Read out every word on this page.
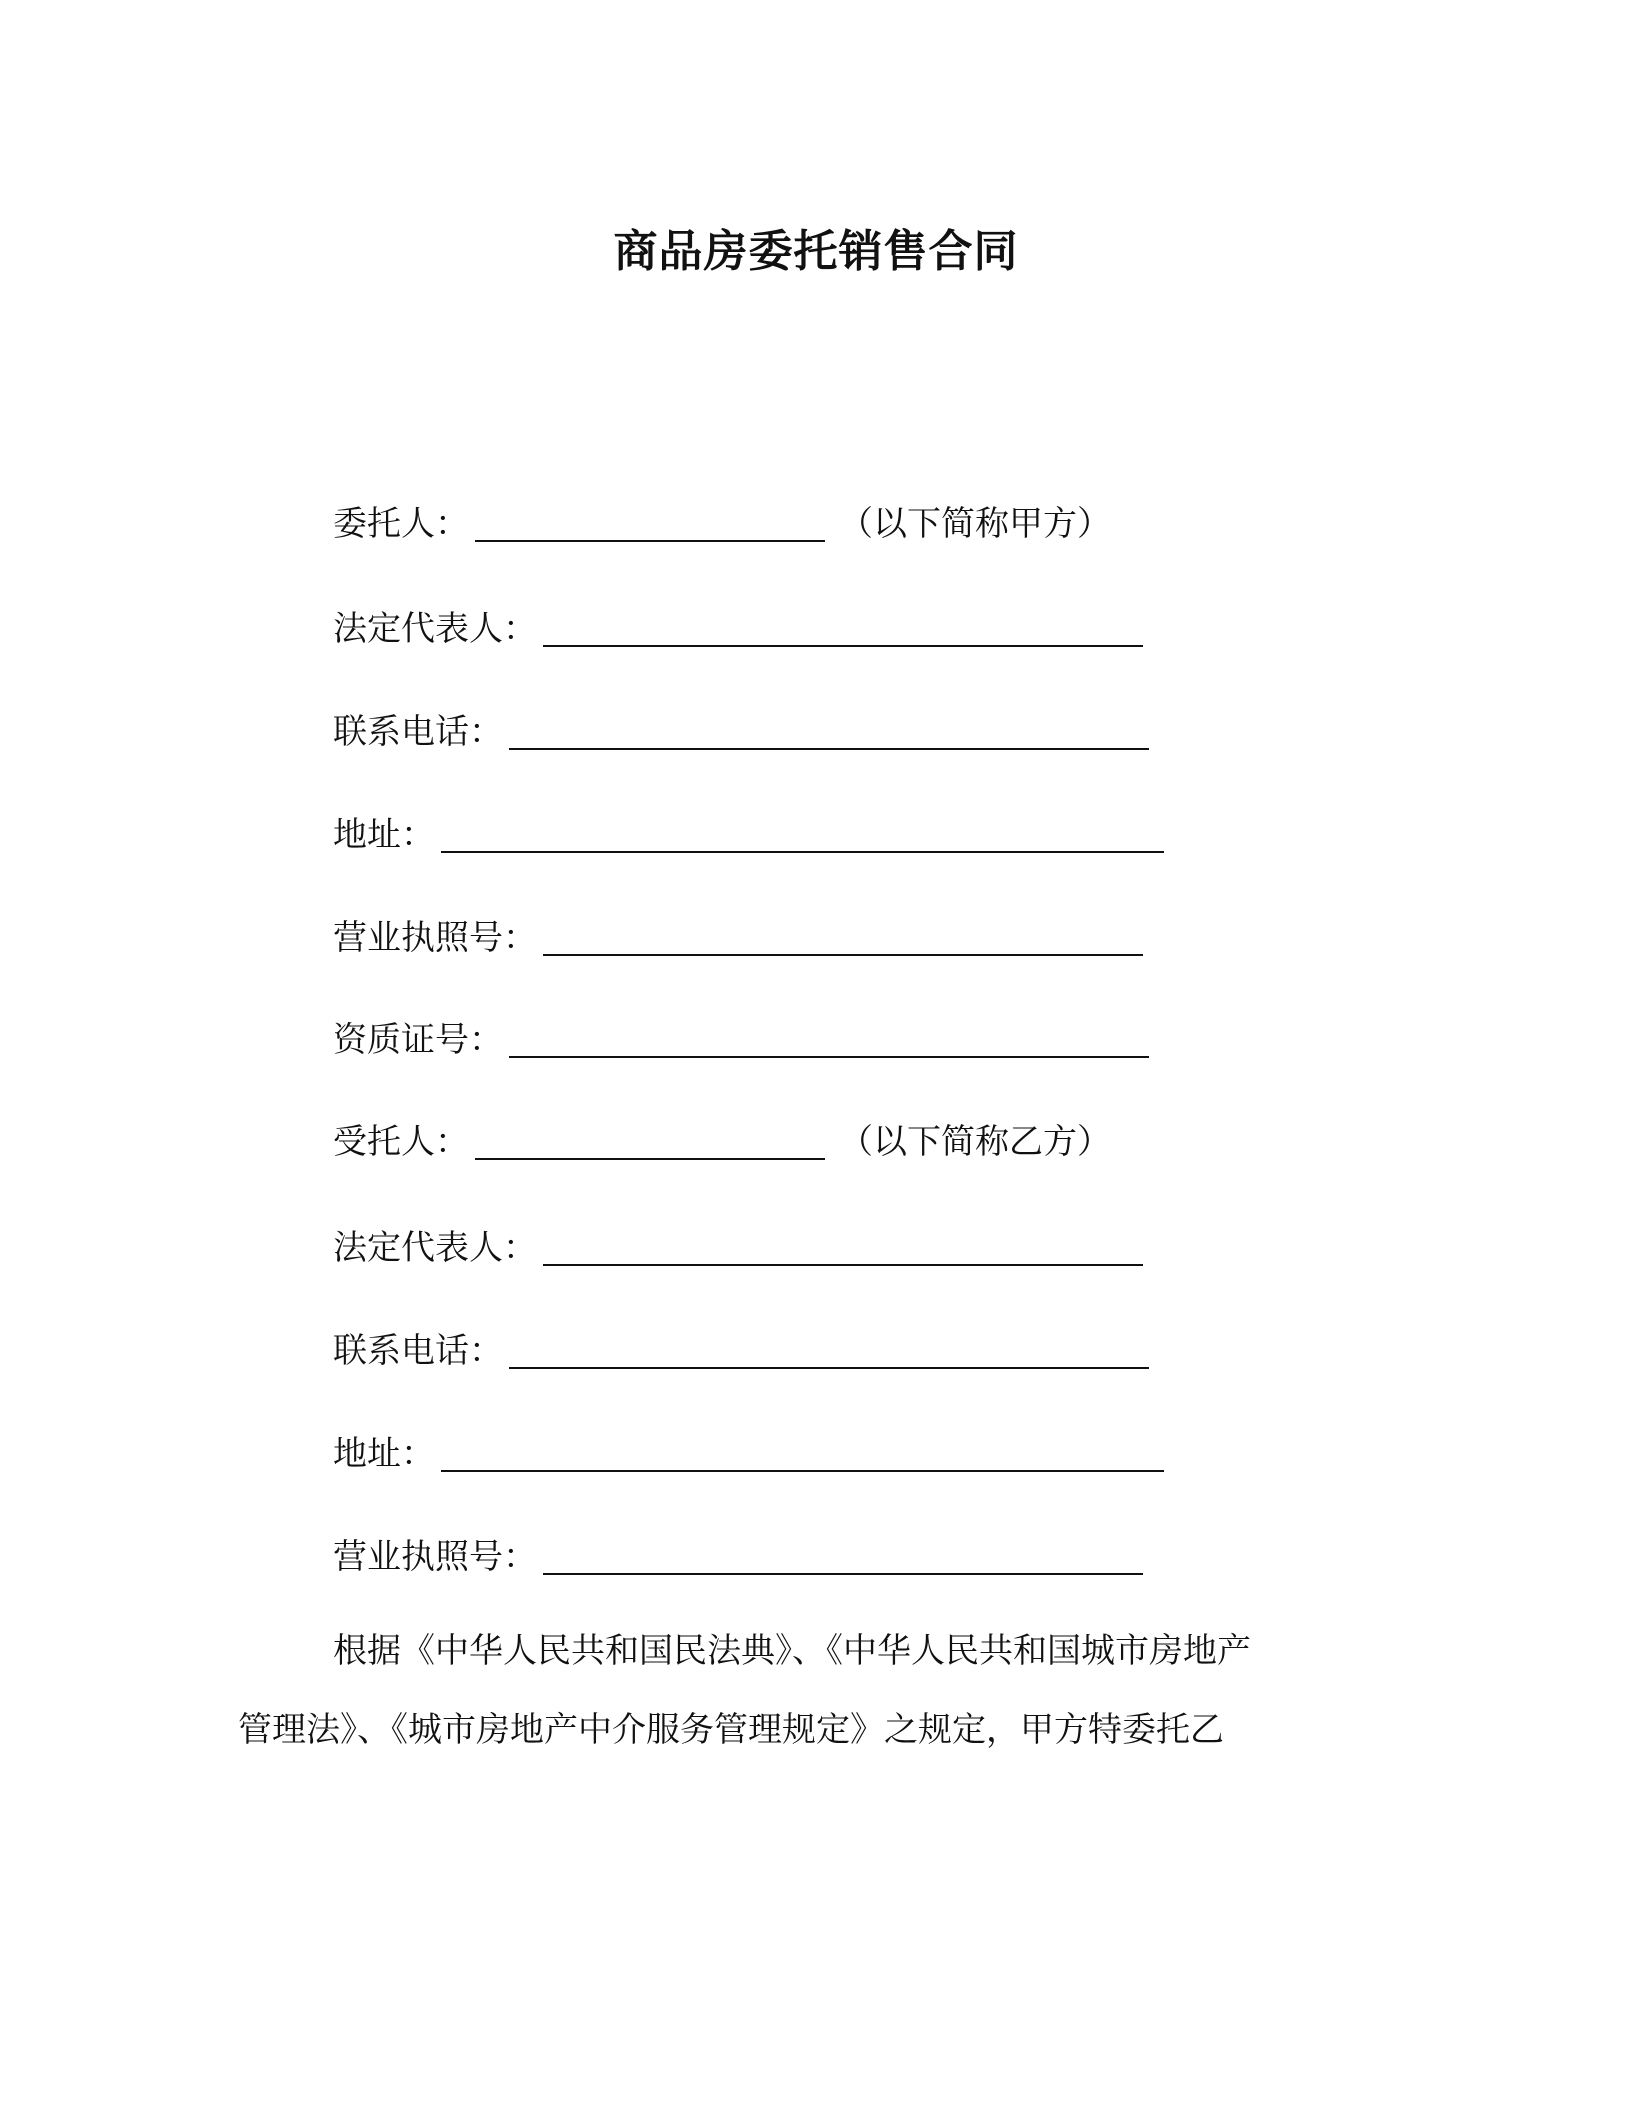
商品房委托销售合同
委托人：	（以下简称甲方）
法定代表人：
联系电话：
地址：
营业执照号：
资质证号：
受托人：	（以下简称乙方）
法定代表人：
联系电话：
地址：
营业执照号：
根据《中华人民共和国民法典》、《中华人民共和国城市房地产
管理法》、《城市房地产中介服务管理规定》之规定，甲方特委托乙
